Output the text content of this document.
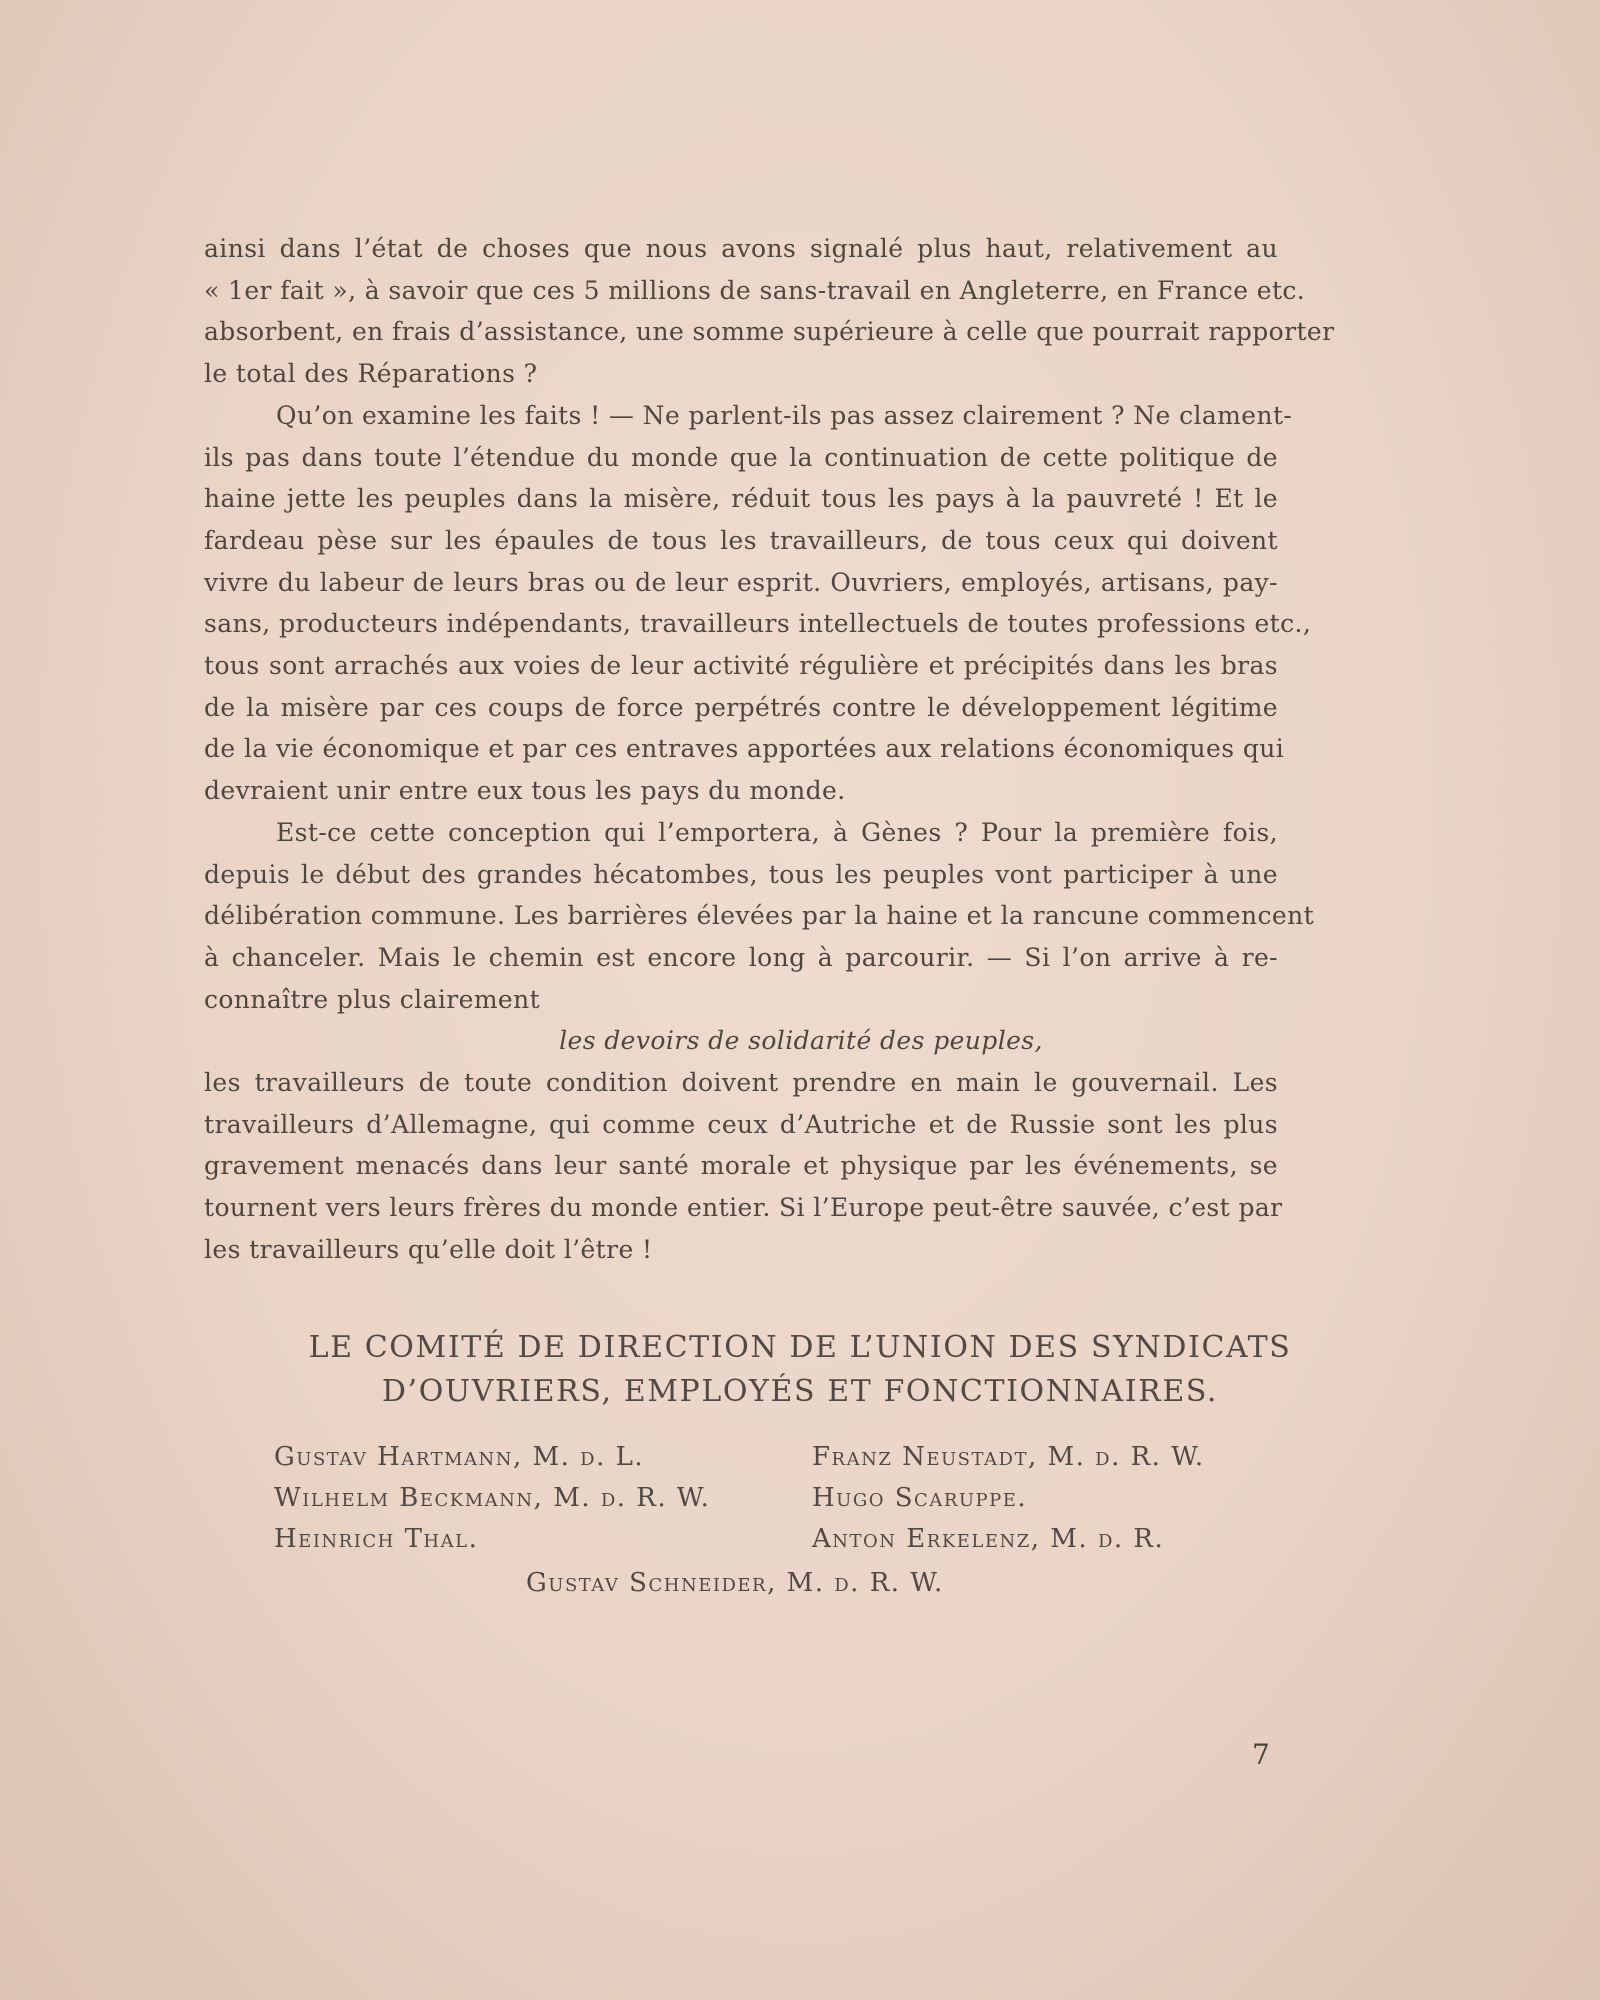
ainsi dans l’état de choses que nous avons signalé plus haut, relativement au
« 1er fait », à savoir que ces 5 millions de sans-travail en Angleterre, en France etc.
absorbent, en frais d’assistance, une somme supérieure à celle que pourrait rapporter
le total des Réparations ?
Qu’on examine les faits ! — Ne parlent-ils pas assez clairement ? Ne clament-
ils pas dans toute l’étendue du monde que la continuation de cette politique de
haine jette les peuples dans la misère, réduit tous les pays à la pauvreté ! Et le
fardeau pèse sur les épaules de tous les travailleurs, de tous ceux qui doivent
vivre du labeur de leurs bras ou de leur esprit. Ouvriers, employés, artisans, pay-
sans, producteurs indépendants, travailleurs intellectuels de toutes professions etc.,
tous sont arrachés aux voies de leur activité régulière et précipités dans les bras
de la misère par ces coups de force perpétrés contre le développement légitime
de la vie économique et par ces entraves apportées aux relations économiques qui
devraient unir entre eux tous les pays du monde.
Est-ce cette conception qui l’emportera, à Gènes ? Pour la première fois,
depuis le début des grandes hécatombes, tous les peuples vont participer à une
délibération commune. Les barrières élevées par la haine et la rancune commencent
à chanceler. Mais le chemin est encore long à parcourir. — Si l’on arrive à re-
connaître plus clairement
les devoirs de solidarité des peuples,
les travailleurs de toute condition doivent prendre en main le gouvernail. Les
travailleurs d’Allemagne, qui comme ceux d’Autriche et de Russie sont les plus
gravement menacés dans leur santé morale et physique par les événements, se
tournent vers leurs frères du monde entier. Si l’Europe peut-être sauvée, c’est par
les travailleurs qu’elle doit l’être !
LE COMITÉ DE DIRECTION DE L’UNION DES SYNDICATS
D’OUVRIERS, EMPLOYÉS ET FONCTIONNAIRES.
Gustav Hartmann, M. d. L.	Franz Neustadt, M. d. R. W.
Wilhelm Beckmann, M. d. R. W.	Hugo Scaruppe.
Heinrich Thal.	Anton Erkelenz, M. d. R.
Gustav Schneider, M. d. R. W.
7
